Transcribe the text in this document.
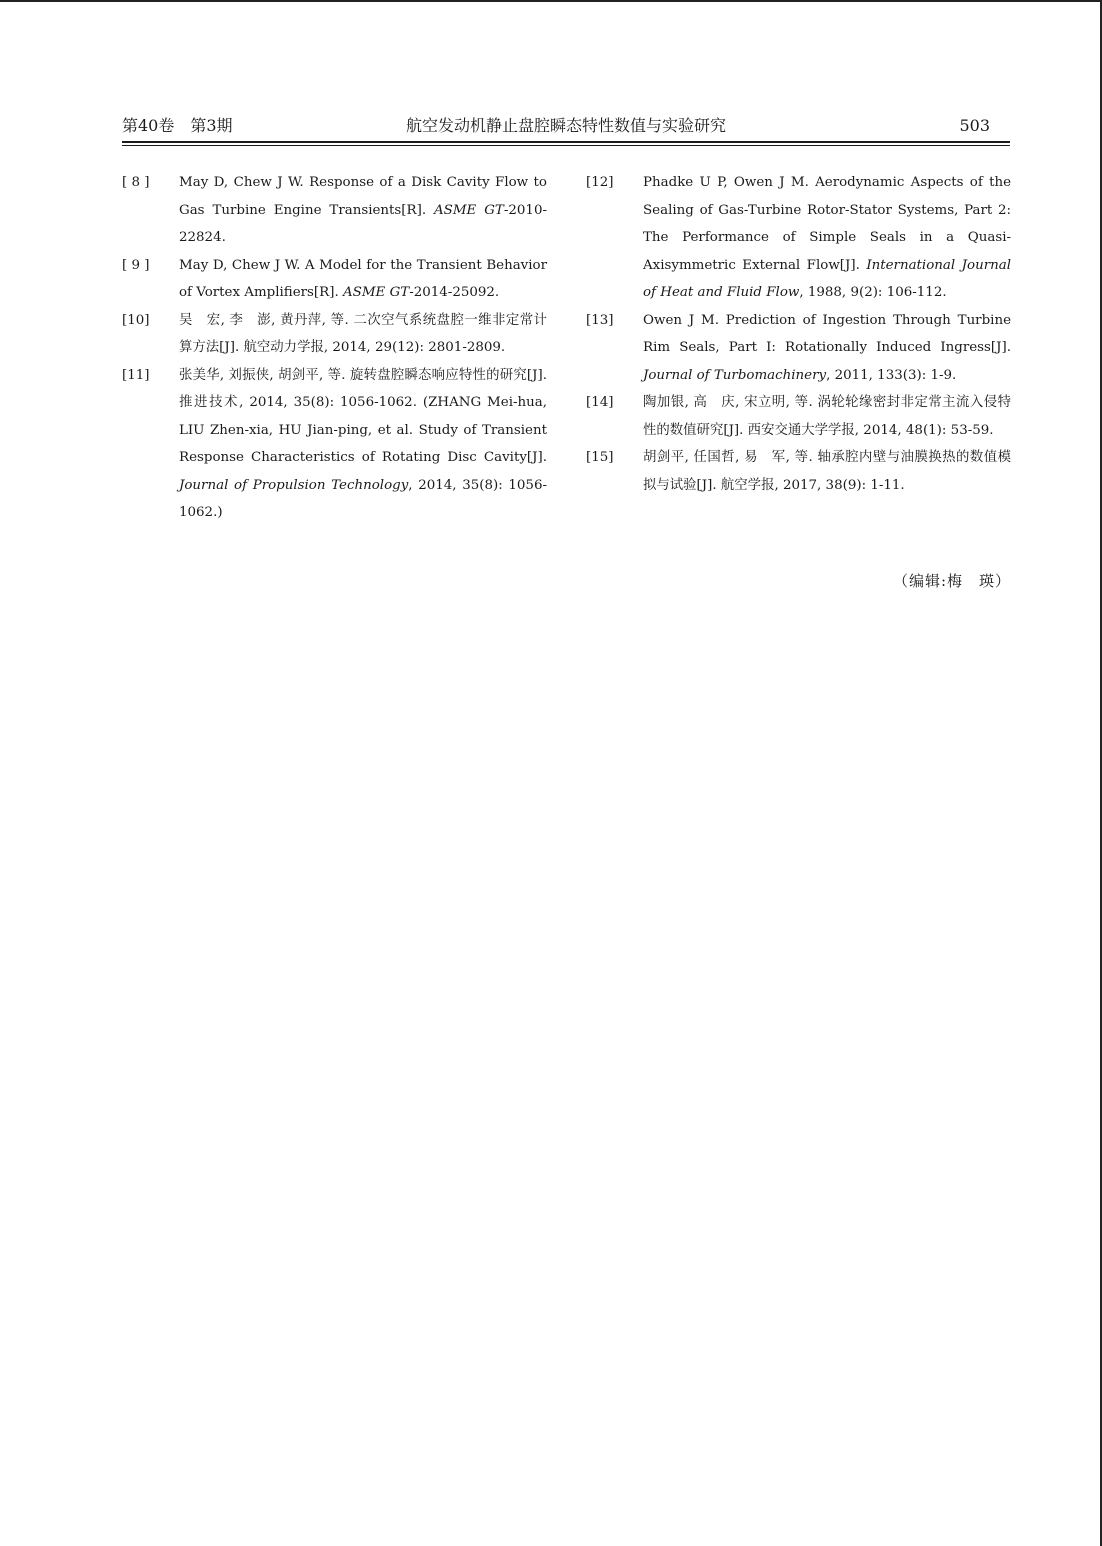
第40卷 第3期	航空发动机静止盘腔瞬态特性数值与实验研究	503
[ 8 ]	May D, Chew J W. Response of a Disk Cavity Flow to Gas Turbine Engine Transients[R]. ASME GT-2010-22824.
[ 9 ]	May D, Chew J W. A Model for the Transient Behavior of Vortex Amplifiers[R]. ASME GT-2014-25092.
[10]	吴　宏, 李　澎, 黄丹萍, 等. 二次空气系统盘腔一维非定常计算方法[J]. 航空动力学报, 2014, 29(12): 2801-2809.
[11]	张美华, 刘振侠, 胡剑平, 等. 旋转盘腔瞬态响应特性的研究[J]. 推进技术, 2014, 35(8): 1056-1062. (ZHANG Mei-hua, LIU Zhen-xia, HU Jian-ping, et al. Study of Transient Response Characteristics of Rotating Disc Cavity[J]. Journal of Propulsion Technology, 2014, 35(8): 1056-1062.)
[12]	Phadke U P, Owen J M. Aerodynamic Aspects of the Sealing of Gas-Turbine Rotor-Stator Systems, Part 2: The Performance of Simple Seals in a Quasi-Axisymmetric External Flow[J]. International Journal of Heat and Fluid Flow, 1988, 9(2): 106-112.
[13]	Owen J M. Prediction of Ingestion Through Turbine Rim Seals, Part I: Rotationally Induced Ingress[J]. Journal of Turbomachinery, 2011, 133(3): 1-9.
[14]	陶加银, 高　庆, 宋立明, 等. 涡轮轮缘密封非定常主流入侵特性的数值研究[J]. 西安交通大学学报, 2014, 48(1): 53-59.
[15]	胡剑平, 任国哲, 易　军, 等. 轴承腔内壁与油膜换热的数值模拟与试验[J]. 航空学报, 2017, 38(9): 1-11.
（编辑:梅　瑛）
